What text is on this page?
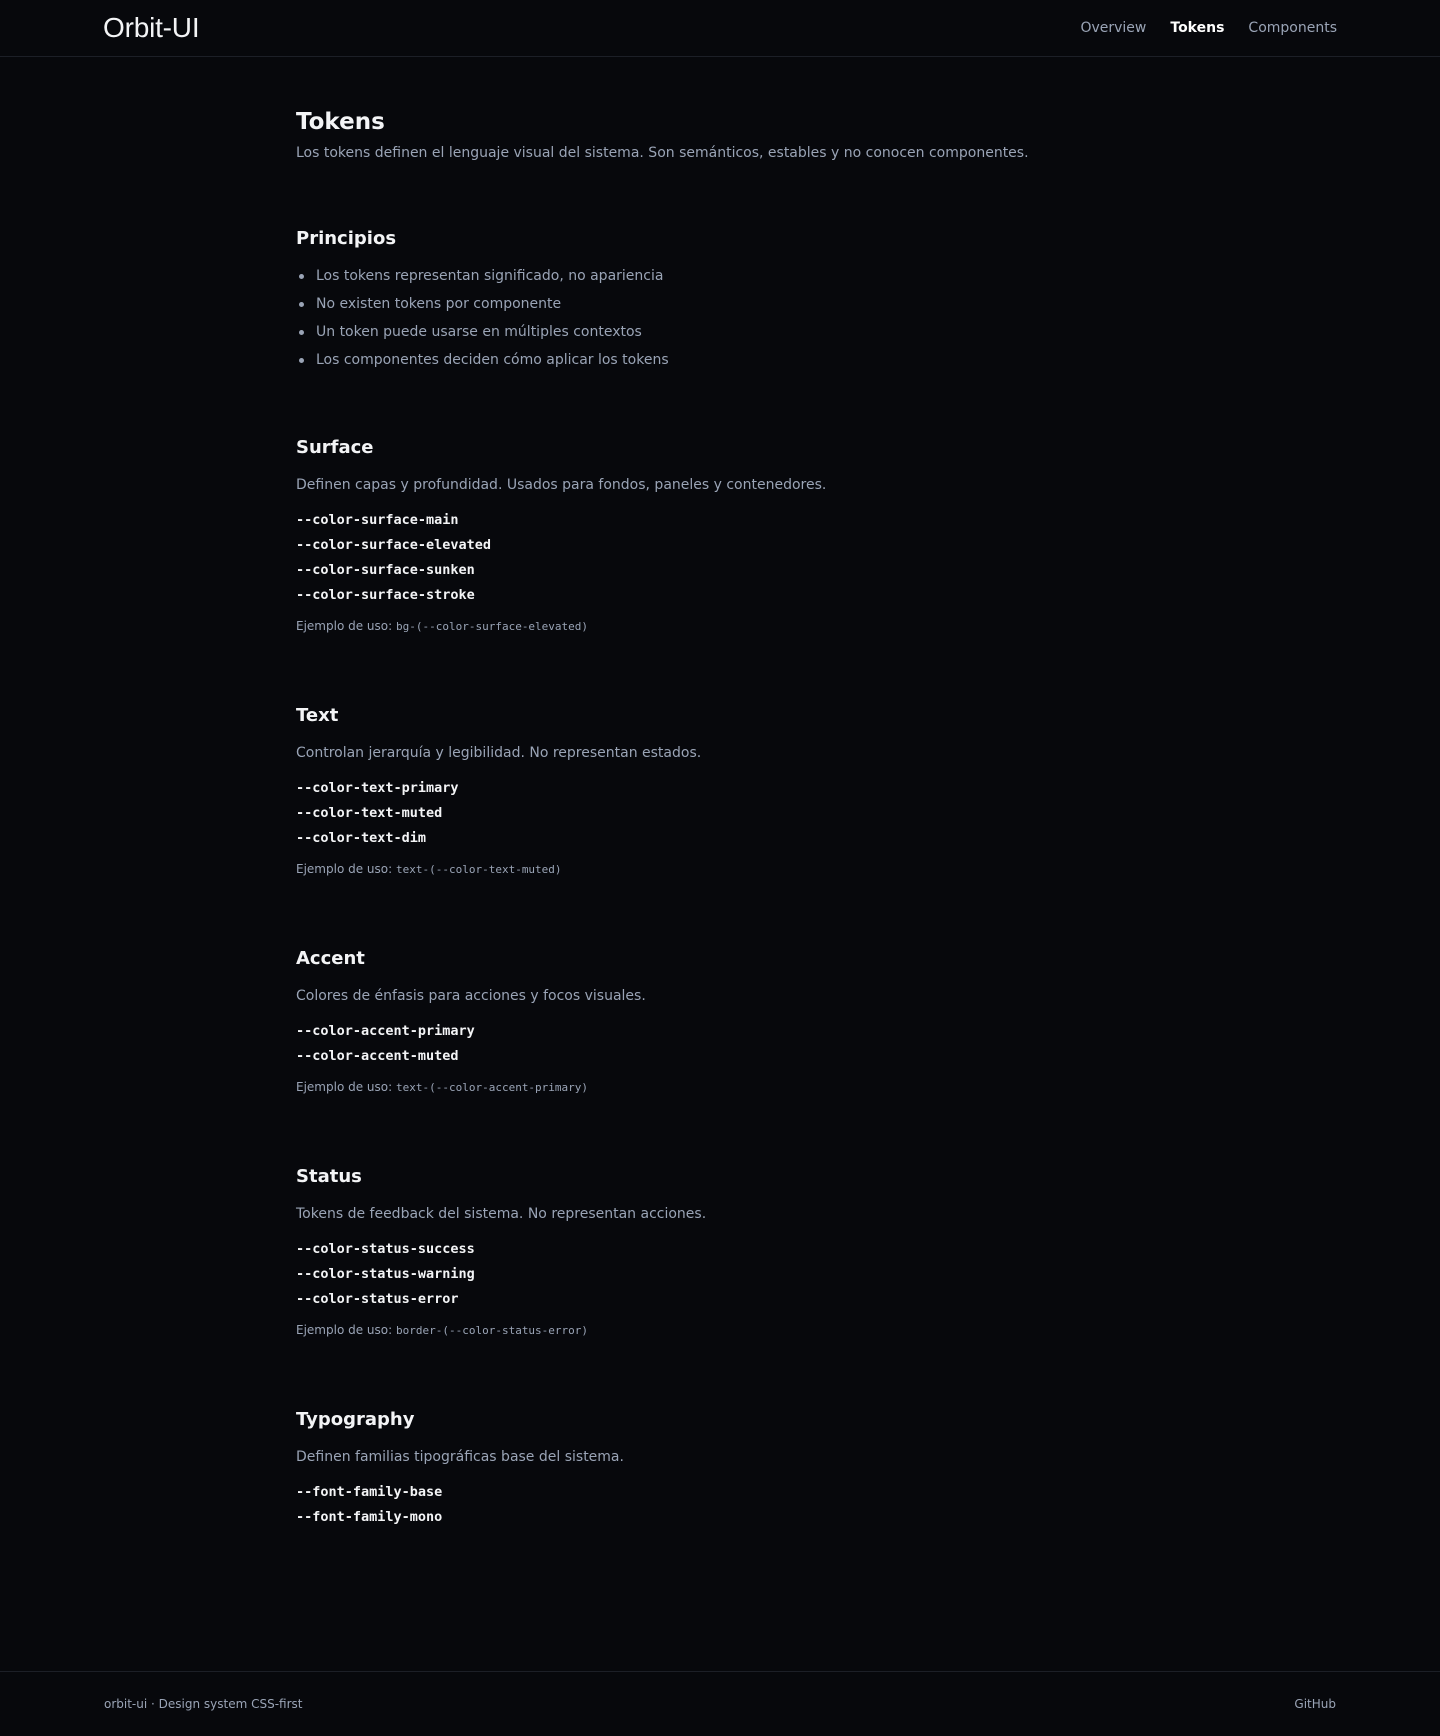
Orbit-UI	Overview Tokens Components
Tokens

Los tokens definen el lenguaje visual del sistema. Son semánticos, estables y no conocen componentes.

Principios
Los tokens representan significado, no apariencia
No existen tokens por componente
Un token puede usarse en múltiples contextos
Los componentes deciden cómo aplicar los tokens
Surface

Definen capas y profundidad. Usados para fondos, paneles y contenedores.

--color-surface-main
--color-surface-elevated
--color-surface-sunken
--color-surface-stroke

Ejemplo de uso: bg-(--color-surface-elevated)

Text

Controlan jerarquía y legibilidad. No representan estados.

--color-text-primary
--color-text-muted
--color-text-dim

Ejemplo de uso: text-(--color-text-muted)

Accent

Colores de énfasis para acciones y focos visuales.

--color-accent-primary
--color-accent-muted

Ejemplo de uso: text-(--color-accent-primary)

Status

Tokens de feedback del sistema. No representan acciones.

--color-status-success
--color-status-warning
--color-status-error

Ejemplo de uso: border-(--color-status-error)

Typography

Definen familias tipográficas base del sistema.

--font-family-base
--font-family-mono
orbit-ui · Design system CSS-first	GitHub
